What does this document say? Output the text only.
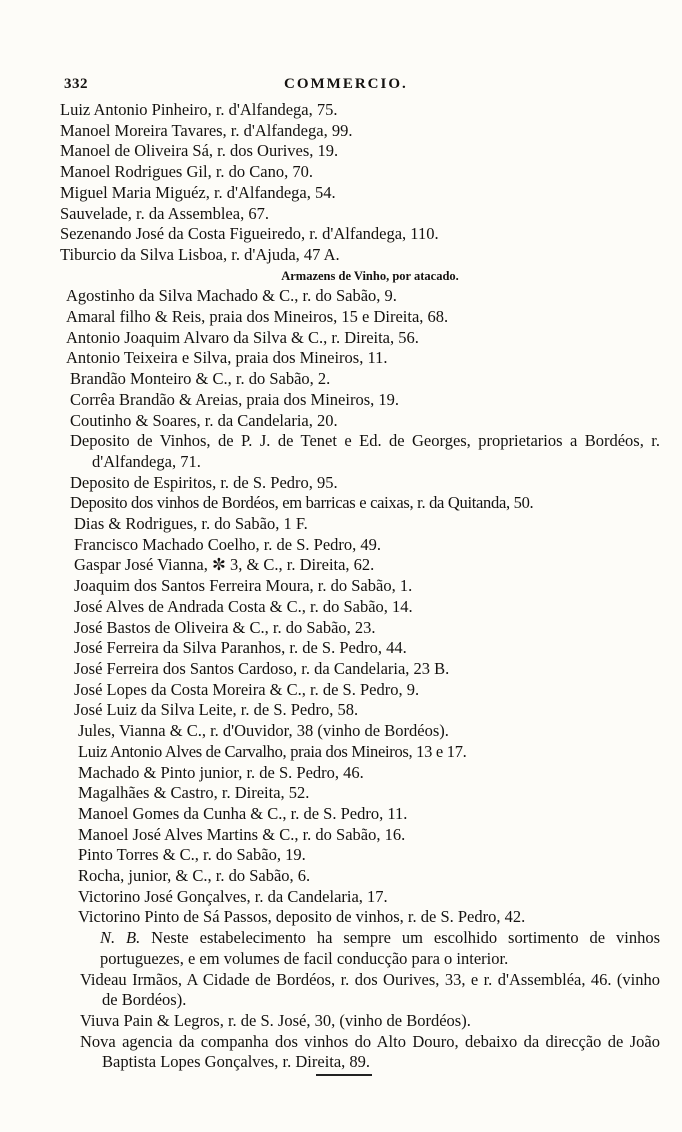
332	COMMERCIO.
Luiz Antonio Pinheiro, r. d'Alfandega, 75.
Manoel Moreira Tavares, r. d'Alfandega, 99.
Manoel de Oliveira Sá, r. dos Ourives, 19.
Manoel Rodrigues Gil, r. do Cano, 70.
Miguel Maria Miguéz, r. d'Alfandega, 54.
Sauvelade, r. da Assemblea, 67.
Sezenando José da Costa Figueiredo, r. d'Alfandega, 110.
Tiburcio da Silva Lisboa, r. d'Ajuda, 47 A.
Armazens de Vinho, por atacado.
Agostinho da Silva Machado & C., r. do Sabão, 9.
Amaral filho & Reis, praia dos Mineiros, 15 e Direita, 68.
Antonio Joaquim Alvaro da Silva & C., r. Direita, 56.
Antonio Teixeira e Silva, praia dos Mineiros, 11.
Brandão Monteiro & C., r. do Sabão, 2.
Corrêa Brandão & Areias, praia dos Mineiros, 19.
Coutinho & Soares, r. da Candelaria, 20.
Deposito de Vinhos, de P. J. de Tenet e Ed. de Georges, proprietarios a Bordéos, r. d'Alfandega, 71.
Deposito de Espiritos, r. de S. Pedro, 95.
Deposito dos vinhos de Bordéos, em barricas e caixas, r. da Quitanda, 50.
Dias & Rodrigues, r. do Sabão, 1 F.
Francisco Machado Coelho, r. de S. Pedro, 49.
Gaspar José Vianna, ✼ 3, & C., r. Direita, 62.
Joaquim dos Santos Ferreira Moura, r. do Sabão, 1.
José Alves de Andrada Costa & C., r. do Sabão, 14.
José Bastos de Oliveira & C., r. do Sabão, 23.
José Ferreira da Silva Paranhos, r. de S. Pedro, 44.
José Ferreira dos Santos Cardoso, r. da Candelaria, 23 B.
José Lopes da Costa Moreira & C., r. de S. Pedro, 9.
José Luiz da Silva Leite, r. de S. Pedro, 58.
Jules, Vianna & C., r. d'Ouvidor, 38 (vinho de Bordéos).
Luiz Antonio Alves de Carvalho, praia dos Mineiros, 13 e 17.
Machado & Pinto junior, r. de S. Pedro, 46.
Magalhães & Castro, r. Direita, 52.
Manoel Gomes da Cunha & C., r. de S. Pedro, 11.
Manoel José Alves Martins & C., r. do Sabão, 16.
Pinto Torres & C., r. do Sabão, 19.
Rocha, junior, & C., r. do Sabão, 6.
Victorino José Gonçalves, r. da Candelaria, 17.
Victorino Pinto de Sá Passos, deposito de vinhos, r. de S. Pedro, 42.
N. B. Neste estabelecimento ha sempre um escolhido sortimento de vinhos portuguezes, e em volumes de facil conducção para o interior.
Videau Irmãos, A Cidade de Bordéos, r. dos Ourives, 33, e r. d'Assembléa, 46. (vinho de Bordéos).
Viuva Pain & Legros, r. de S. José, 30, (vinho de Bordéos).
Nova agencia da companha dos vinhos do Alto Douro, debaixo da direcção de João Baptista Lopes Gonçalves, r. Direita, 89.
